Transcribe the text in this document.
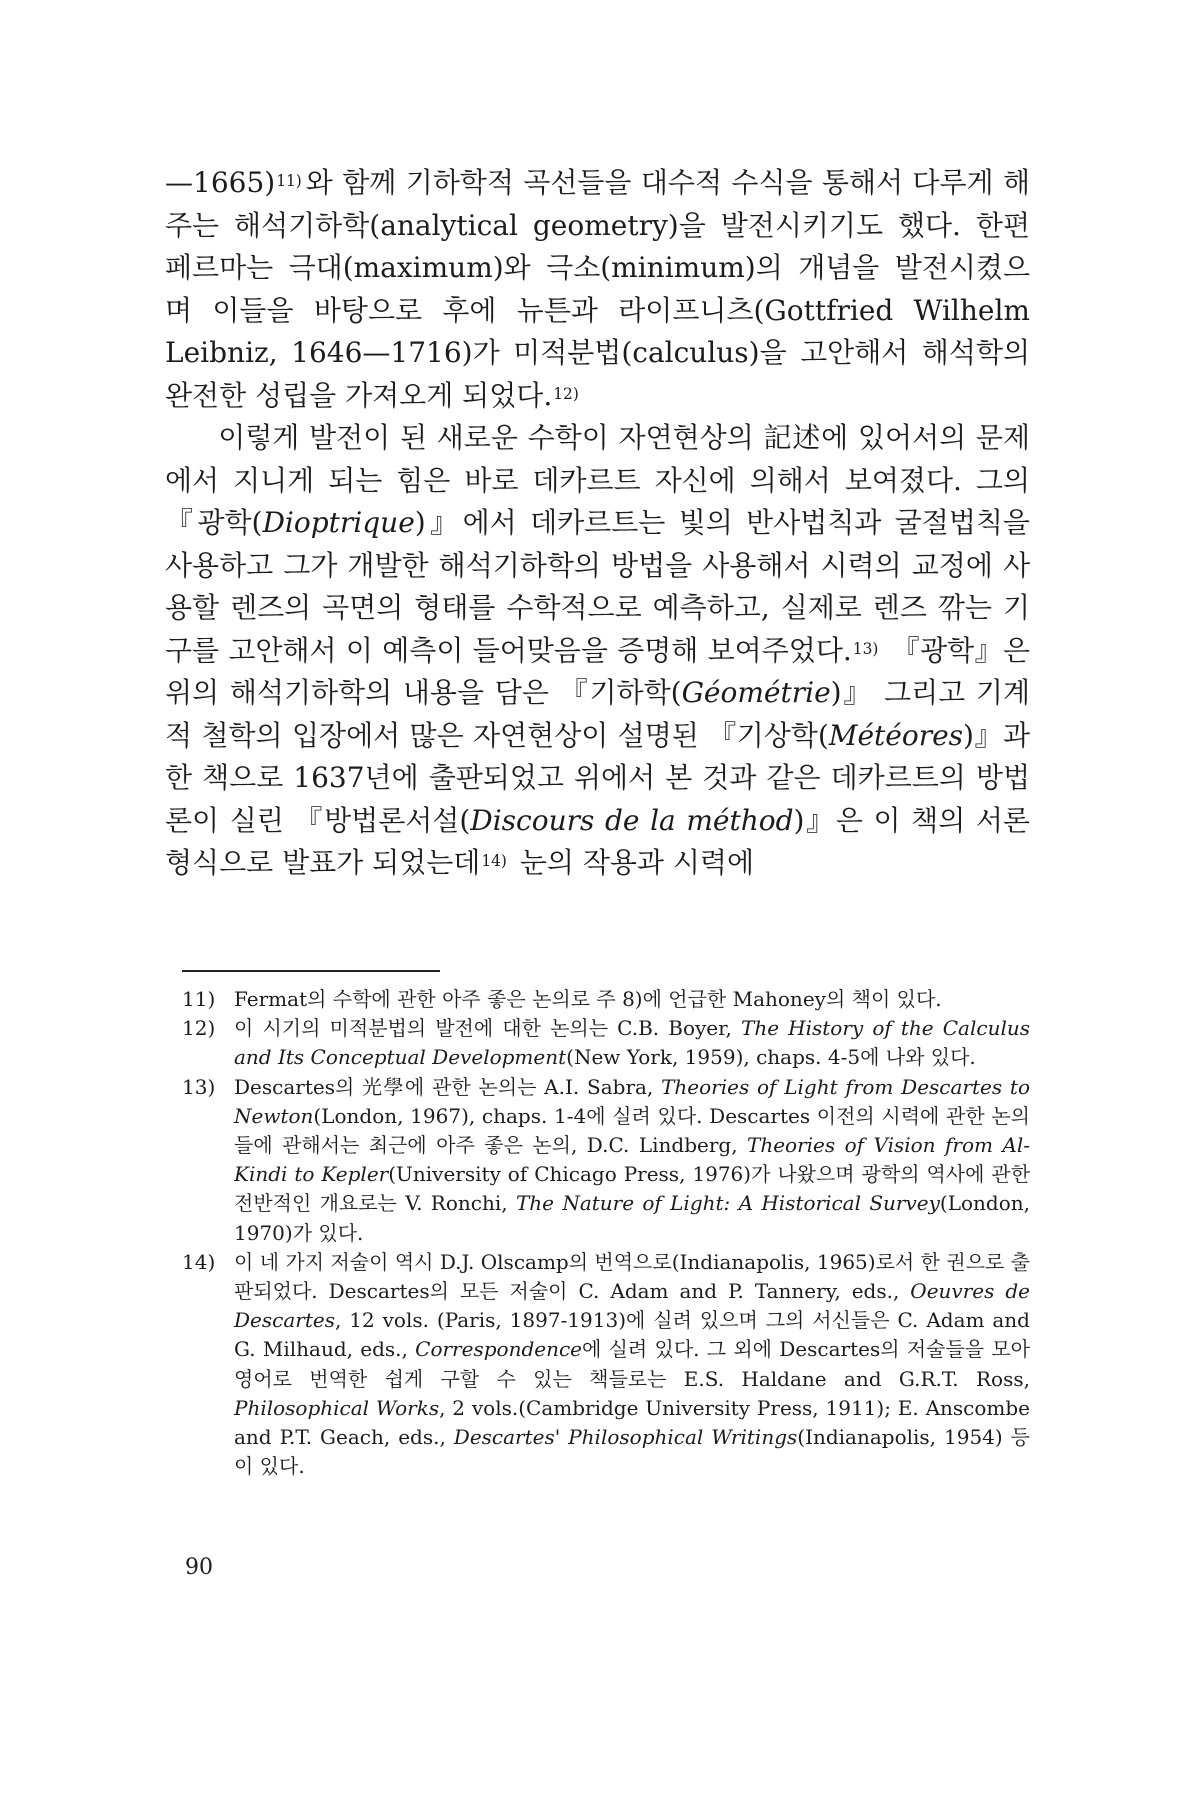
—1665)$^{11)}$ 와 함께 기하학적 곡선들을 대수적 수식을 통해서 다루게 해주는 해석기하학(analytical geometry)을 발전시키기도 했다. 한편 페르마는 극대(maximum)와 극소(minimum)의 개념을 발전시켰으며 이들을 바탕으로 후에 뉴튼과 라이프니츠(Gottfried Wilhelm Leibniz, 1646—1716)가 미적분법(calculus)을 고안해서 해석학의 완전한 성립을 가져오게 되었다.$^{12)}$

이렇게 발전이 된 새로운 수학이 자연현상의 記述에 있어서의 문제에서 지니게 되는 힘은 바로 데카르트 자신에 의해서 보여졌다. 그의 『광학(Dioptrique)』에서 데카르트는 빛의 반사법칙과 굴절법칙을 사용하고 그가 개발한 해석기하학의 방법을 사용해서 시력의 교정에 사용할 렌즈의 곡면의 형태를 수학적으로 예측하고, 실제로 렌즈 깎는 기구를 고안해서 이 예측이 들어맞음을 증명해 보여주었다.$^{13)}$ 『광학』은 위의 해석기하학의 내용을 담은 『기하학(Géométrie)』 그리고 기계적 철학의 입장에서 많은 자연현상이 설명된 『기상학(Météores)』과 한 책으로 1637년에 출판되었고 위에서 본 것과 같은 데카르트의 방법론이 실린 『방법론서설(Discours de la méthod)』은 이 책의 서론 형식으로 발표가 되었는데$^{14)}$ 눈의 작용과 시력에

11) Fermat의 수학에 관한 아주 좋은 논의로 주 8)에 언급한 Mahoney의 책이 있다.
12) 이 시기의 미적분법의 발전에 대한 논의는 C.B. Boyer, The History of the Calculus and Its Conceptual Development(New York, 1959), chaps. 4-5에 나와 있다.
13) Descartes의 光學에 관한 논의는 A.I. Sabra, Theories of Light from Descartes to Newton(London, 1967), chaps. 1-4에 실려 있다. Descartes 이전의 시력에 관한 논의들에 관해서는 최근에 아주 좋은 논의, D.C. Lindberg, Theories of Vision from Al-Kindi to Kepler(University of Chicago Press, 1976)가 나왔으며 광학의 역사에 관한 전반적인 개요로는 V. Ronchi, The Nature of Light: A Historical Survey(London, 1970)가 있다.
14) 이 네 가지 저술이 역시 D.J. Olscamp의 번역으로(Indianapolis, 1965)로서 한 권으로 출판되었다. Descartes의 모든 저술이 C. Adam and P. Tannery, eds., Oeuvres de Descartes, 12 vols. (Paris, 1897-1913)에 실려 있으며 그의 서신들은 C. Adam and G. Milhaud, eds., Correspondence에 실려 있다. 그 외에 Descartes의 저술들을 모아 영어로 번역한 쉽게 구할 수 있는 책들로는 E.S. Haldane and G.R.T. Ross, Philosophical Works, 2 vols.(Cambridge University Press, 1911); E. Anscombe and P.T. Geach, eds., Descartes' Philosophical Writings(Indianapolis, 1954) 등이 있다.
90
